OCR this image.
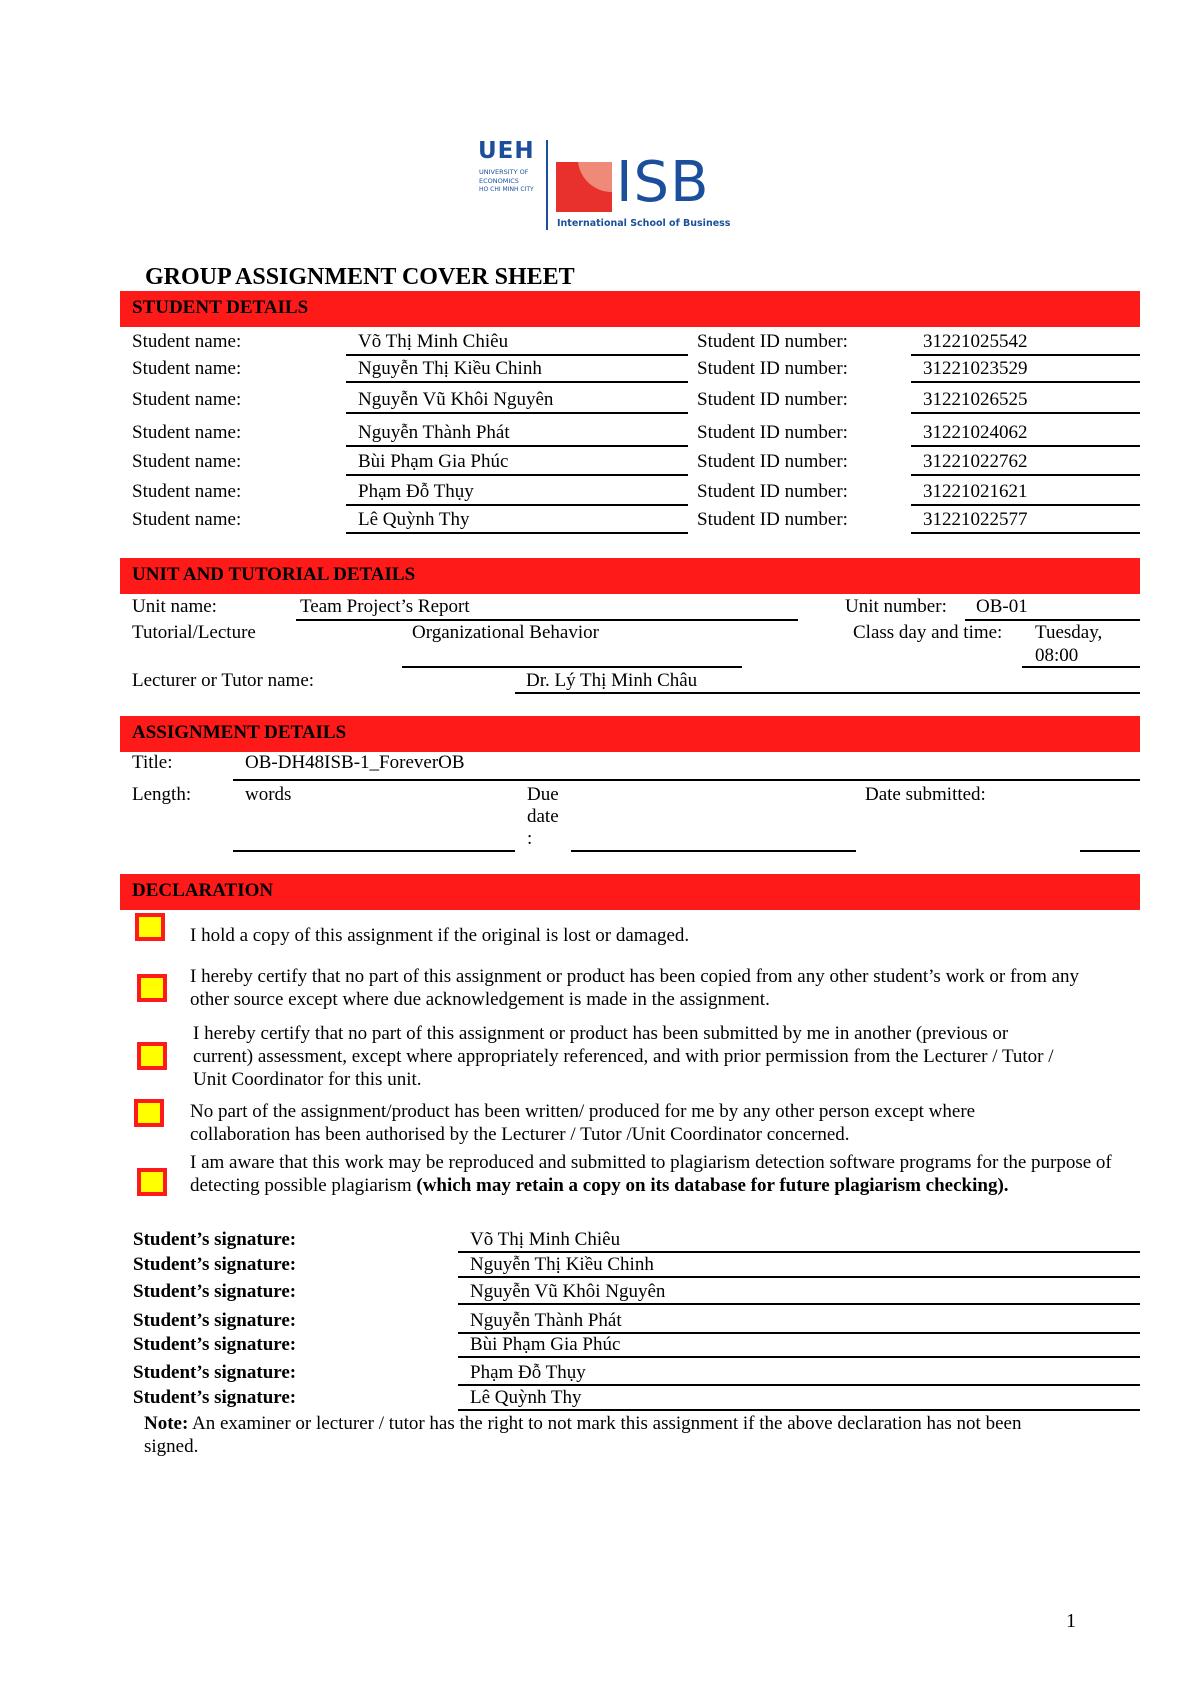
UEH
UNIVERSITY OF
ECONOMICS
HO CHI MINH CITY ISB
International School of Business
GROUP ASSIGNMENT COVER SHEET
STUDENT DETAILS
Student name:	Võ Thị Minh Chiêu	Student ID number:	31221025542
Student name:	Nguyễn Thị Kiều Chinh	Student ID number:	31221023529
Student name:	Nguyễn Vũ Khôi Nguyên	Student ID number:	31221026525
Student name:	Nguyễn Thành Phát	Student ID number:	31221024062
Student name:	Bùi Phạm Gia Phúc	Student ID number:	31221022762
Student name:	Phạm Đỗ Thụy	Student ID number:	31221021621
Student name:	Lê Quỳnh Thy	Student ID number:	31221022577
UNIT AND TUTORIAL DETAILS
Unit name:	Team Project’s Report	Unit number: OB-01
Tutorial/Lecture	Organizational Behavior	Class day and time: Tuesday,
08:00
Lecturer or Tutor name:	Dr. Lý Thị Minh Châu
ASSIGNMENT DETAILS
Title:	OB-DH48ISB-1_ForeverOB
Length:	words	Due
date
:
Date submitted:
DECLARATION
I hold a copy of this assignment if the original is lost or damaged.
I hereby certify that no part of this assignment or product has been copied from any other student’s work or from any other source except where due acknowledgement is made in the assignment.
I hereby certify that no part of this assignment or product has been submitted by me in another (previous or current) assessment, except where appropriately referenced, and with prior permission from the Lecturer / Tutor / Unit Coordinator for this unit.
No part of the assignment/product has been written/ produced for me by any other person except where collaboration has been authorised by the Lecturer / Tutor /Unit Coordinator concerned.
I am aware that this work may be reproduced and submitted to plagiarism detection software programs for the purpose of detecting possible plagiarism (which may retain a copy on its database for future plagiarism checking).
Student’s signature:	Võ Thị Minh Chiêu
Student’s signature:	Nguyễn Thị Kiều Chinh
Student’s signature:	Nguyễn Vũ Khôi Nguyên
Student’s signature:	Nguyễn Thành Phát
Student’s signature:	Bùi Phạm Gia Phúc
Student’s signature:	Phạm Đỗ Thụy
Student’s signature:	Lê Quỳnh Thy
Note: An examiner or lecturer / tutor has the right to not mark this assignment if the above declaration has not been signed.
1
